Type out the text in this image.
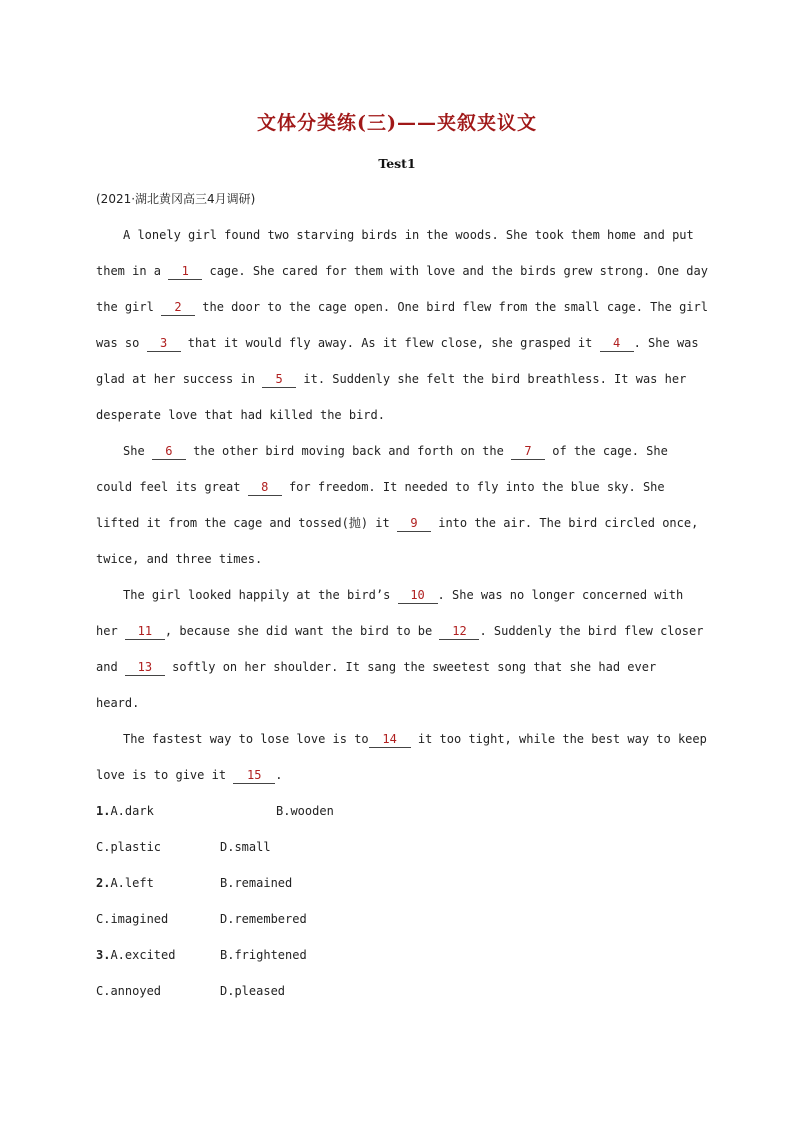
文体分类练(三)——夹叙夹议文
Test1
(2021·湖北黄冈高三4月调研)
A lonely girl found two starving birds in the woods. She took them home and put
them in a 1 cage. She cared for them with love and the birds grew strong. One day
the girl 2 the door to the cage open. One bird flew from the small cage. The girl
was so 3 that it would fly away. As it flew close, she grasped it 4 . She was
glad at her success in 5 it. Suddenly she felt the bird breathless. It was her
desperate love that had killed the bird.
She 6 the other bird moving back and forth on the 7 of the cage. She
could feel its great 8 for freedom. It needed to fly into the blue sky. She
lifted it from the cage and tossed(抛) it 9 into the air. The bird circled once,
twice, and three times.
The girl looked happily at the bird’s 10 . She was no longer concerned with
her 11 , because she did want the bird to be 12 . Suddenly the bird flew closer
and 13 softly on her shoulder. It sang the sweetest song that she had ever
heard.
The fastest way to lose love is to 14 it too tight, while the best way to keep
love is to give it 15 .
1.A.dark	B.wooden
C.plastic	D.small
2.A.left	B.remained
C.imagined	D.remembered
3.A.excited	B.frightened
C.annoyed	D.pleased
